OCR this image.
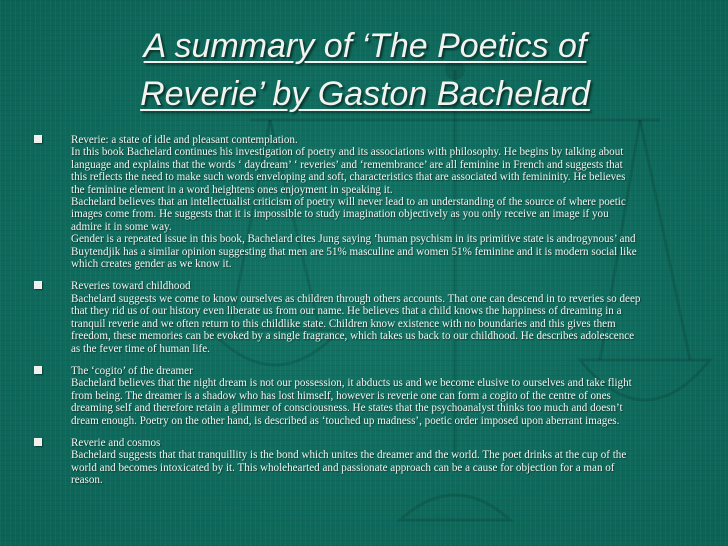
A summary of ‘The Poetics of
Reverie’ by Gaston Bachelard
Reverie: a state of idle and pleasant contemplation.
In this book Bachelard continues his investigation of poetry and its associations with philosophy. He begins by talking about
language and explains that the words ‘ daydream’ ‘ reveries’ and ‘remembrance’ are all feminine in French and suggests that
this reflects the need to make such words enveloping and soft, characteristics that are associated with femininity. He believes
the feminine element in a word heightens ones enjoyment in speaking it.
Bachelard believes that an intellectualist criticism of poetry will never lead to an understanding of the source of where poetic
images come from. He suggests that it is impossible to study imagination objectively as you only receive an image if you
admire it in some way.
Gender is a repeated issue in this book, Bachelard cites Jung saying ‘human psychism in its primitive state is androgynous’ and
Buytendjik has a similar opinion suggesting that men are 51% masculine and women 51% feminine and it is modern social like
which creates gender as we know it.
Reveries toward childhood
Bachelard suggests we come to know ourselves as children through others accounts. That one can descend in to reveries so deep
that they rid us of our history even liberate us from our name. He believes that a child knows the happiness of dreaming in a
tranquil reverie and we often return to this childlike state. Children know existence with no boundaries and this gives them
freedom, these memories can be evoked by a single fragrance, which takes us back to our childhood. He describes adolescence
as the fever time of human life.
The ‘cogito’ of the dreamer
Bachelard believes that the night dream is not our possession, it abducts us and we become elusive to ourselves and take flight
from being. The dreamer is a shadow who has lost himself, however is reverie one can form a cogito of the centre of ones
dreaming self and therefore retain a glimmer of consciousness. He states that the psychoanalyst thinks too much and doesn’t
dream enough. Poetry on the other hand, is described as ‘touched up madness’, poetic order imposed upon aberrant images.
Reverie and cosmos
Bachelard suggests that that tranquillity is the bond which unites the dreamer and the world. The poet drinks at the cup of the
world and becomes intoxicated by it. This wholehearted and passionate approach can be a cause for objection for a man of
reason.
